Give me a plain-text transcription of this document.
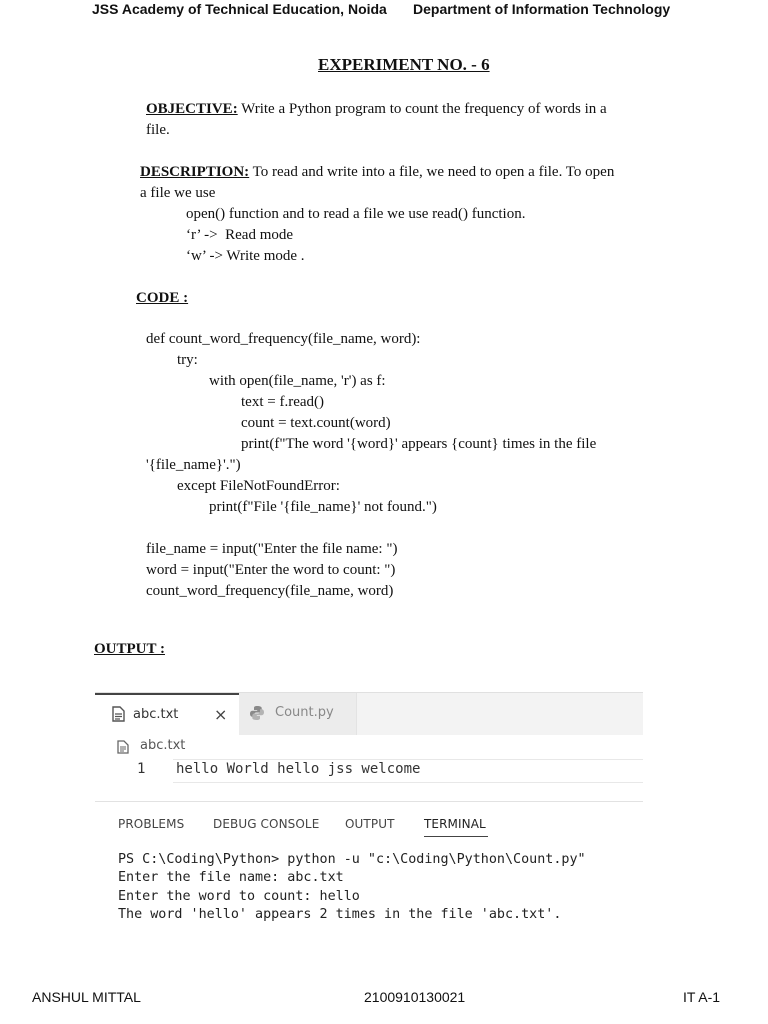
JSS Academy of Technical Education, Noida Department of Information Technology
EXPERIMENT NO. - 6
OBJECTIVE: Write a Python program to count the frequency of words in a
file.
DESCRIPTION: To read and write into a file, we need to open a file. To open
a file we use
open() function and to read a file we use read() function.
‘r’ ->  Read mode
‘w’ -> Write mode .
CODE :
def count_word_frequency(file_name, word):
try:
with open(file_name, 'r') as f:
text = f.read()
count = text.count(word)
print(f"The word '{word}' appears {count} times in the file
'{file_name}'.")
except FileNotFoundError:
print(f"File '{file_name}' not found.")
file_name = input("Enter the file name: ")
word = input("Enter the word to count: ")
count_word_frequency(file_name, word)
OUTPUT :
abc.txt ×	Count.py
abc.txt
1 hello World hello jss welcome
PROBLEMS DEBUG CONSOLE OUTPUT TERMINAL
PS C:\Coding\Python> python -u "c:\Coding\Python\Count.py"
Enter the file name: abc.txt
Enter the word to count: hello
The word 'hello' appears 2 times in the file 'abc.txt'.
ANSHUL MITTAL	2100910130021	IT A-1
